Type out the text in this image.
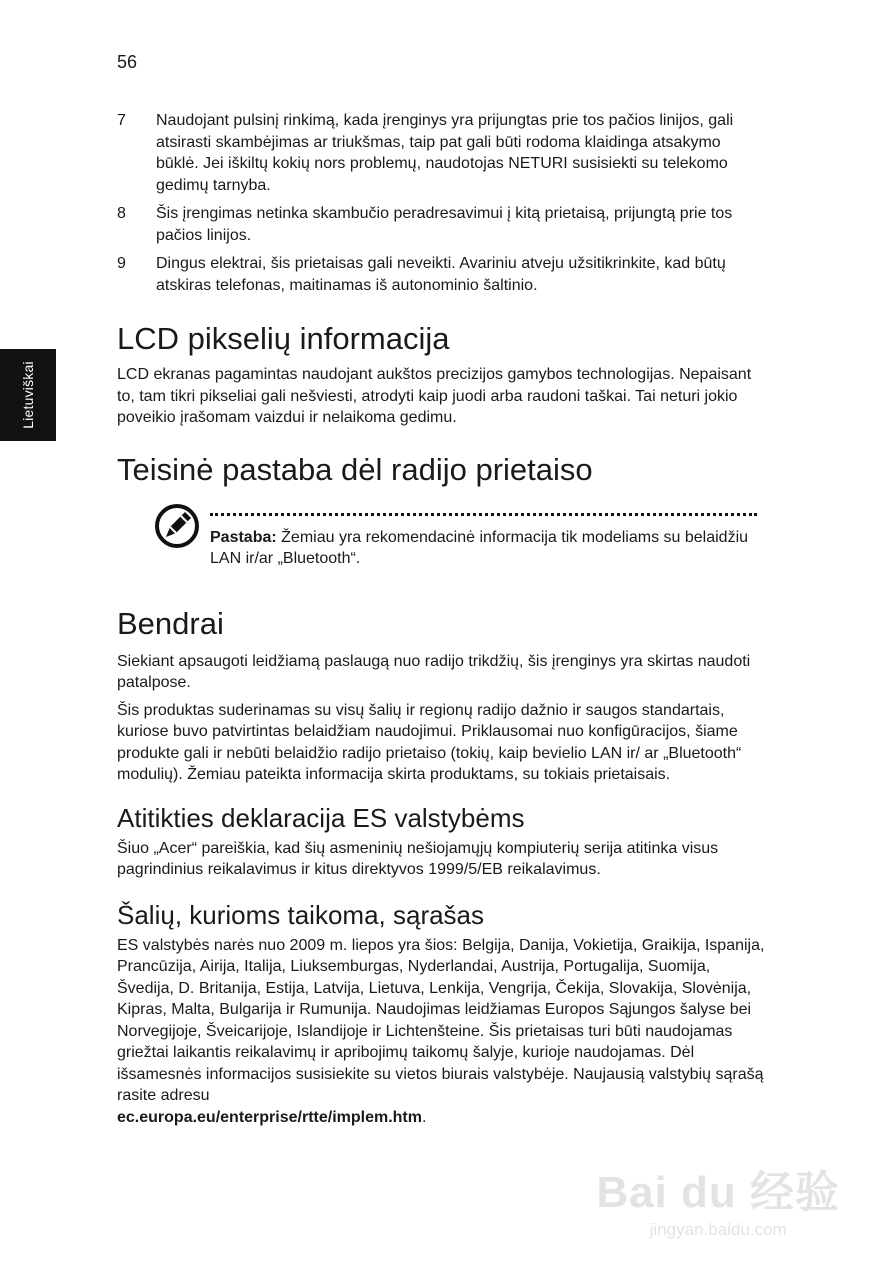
56
Lietuviškai
7 Naudojant pulsinį rinkimą, kada įrenginys yra prijungtas prie tos pačios linijos, gali atsirasti skambėjimas ar triukšmas, taip pat gali būti rodoma klaidinga atsakymo būklė. Jei iškiltų kokių nors problemų, naudotojas NETURI susisiekti su telekomo gedimų tarnyba.
8 Šis įrengimas netinka skambučio peradresavimui į kitą prietaisą, prijungtą prie tos pačios linijos.
9 Dingus elektrai, šis prietaisas gali neveikti. Avariniu atveju užsitikrinkite, kad būtų atskiras telefonas, maitinamas iš autonominio šaltinio.
LCD pikselių informacija

LCD ekranas pagamintas naudojant aukštos precizijos gamybos technologijas. Nepaisant to, tam tikri pikseliai gali nešviesti, atrodyti kaip juodi arba raudoni taškai. Tai neturi jokio poveikio įrašomam vaizdui ir nelaikoma gedimu.

Teisinė pastaba dėl radijo prietaiso

Pastaba: Žemiau yra rekomendacinė informacija tik modeliams su belaidžiu LAN ir/ar „Bluetooth“.

Bendrai

Siekiant apsaugoti leidžiamą paslaugą nuo radijo trikdžių, šis įrenginys yra skirtas naudoti patalpose.

Šis produktas suderinamas su visų šalių ir regionų radijo dažnio ir saugos standartais, kuriose buvo patvirtintas belaidžiam naudojimui. Priklausomai nuo konfigūracijos, šiame produkte gali ir nebūti belaidžio radijo prietaiso (tokių, kaip bevielio LAN ir/ ar „Bluetooth“ modulių). Žemiau pateikta informacija skirta produktams, su tokiais prietaisais.

Atitikties deklaracija ES valstybėms

Šiuo „Acer“ pareiškia, kad šių asmeninių nešiojamųjų kompiuterių serija atitinka visus pagrindinius reikalavimus ir kitus direktyvos 1999/5/EB reikalavimus.

Šalių, kurioms taikoma, sąrašas

ES valstybės narės nuo 2009 m. liepos yra šios: Belgija, Danija, Vokietija, Graikija, Ispanija, Prancūzija, Airija, Italija, Liuksemburgas, Nyderlandai, Austrija, Portugalija, Suomija, Švedija, D. Britanija, Estija, Latvija, Lietuva, Lenkija, Vengrija, Čekija, Slovakija, Slovėnija, Kipras, Malta, Bulgarija ir Rumunija. Naudojimas leidžiamas Europos Sąjungos šalyse bei Norvegijoje, Šveicarijoje, Islandijoje ir Lichtenšteine. Šis prietaisas turi būti naudojamas griežtai laikantis reikalavimų ir apribojimų taikomų šalyje, kurioje naudojamas. Dėl išsamesnės informacijos susisiekite su vietos biurais valstybėje. Naujausią valstybių sąrašą rasite adresu
ec.europa.eu/enterprise/rtte/implem.htm.

Bai du 经验
jingyan.baidu.com
